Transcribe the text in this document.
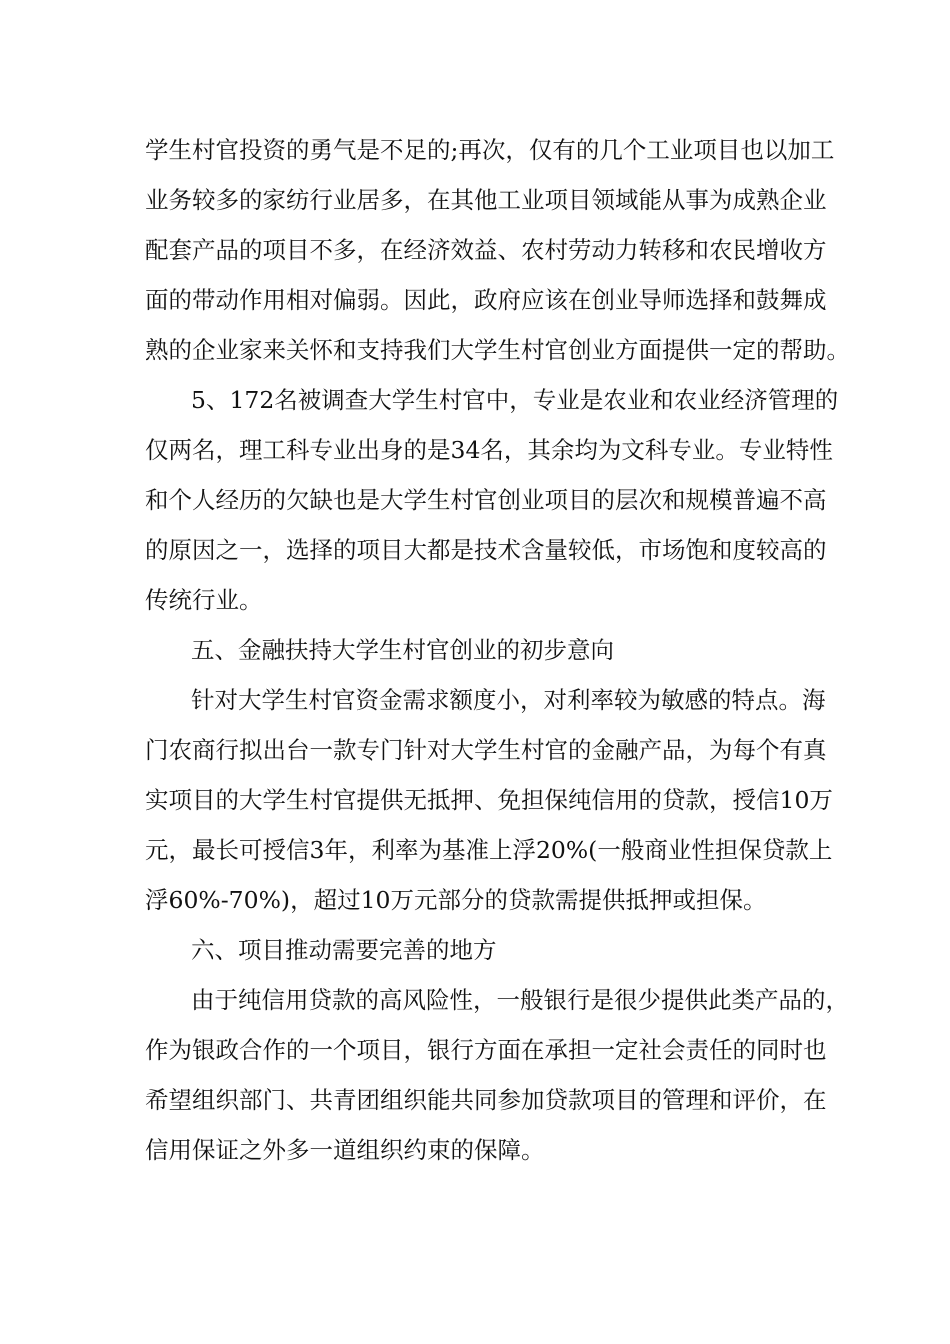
学生村官投资的勇气是不足的;再次，仅有的几个工业项目也以加工
业务较多的家纺行业居多，在其他工业项目领域能从事为成熟企业
配套产品的项目不多，在经济效益、农村劳动力转移和农民增收方
面的带动作用相对偏弱。因此，政府应该在创业导师选择和鼓舞成
熟的企业家来关怀和支持我们大学生村官创业方面提供一定的帮助。
5、172名被调查大学生村官中，专业是农业和农业经济管理的
仅两名，理工科专业出身的是34名，其余均为文科专业。专业特性
和个人经历的欠缺也是大学生村官创业项目的层次和规模普遍不高
的原因之一，选择的项目大都是技术含量较低，市场饱和度较高的
传统行业。
五、金融扶持大学生村官创业的初步意向
针对大学生村官资金需求额度小，对利率较为敏感的特点。海
门农商行拟出台一款专门针对大学生村官的金融产品，为每个有真
实项目的大学生村官提供无抵押、免担保纯信用的贷款，授信10万
元，最长可授信3年，利率为基准上浮20%(一般商业性担保贷款上
浮60%-70%)，超过10万元部分的贷款需提供抵押或担保。
六、项目推动需要完善的地方
由于纯信用贷款的高风险性，一般银行是很少提供此类产品的，
作为银政合作的一个项目，银行方面在承担一定社会责任的同时也
希望组织部门、共青团组织能共同参加贷款项目的管理和评价，在
信用保证之外多一道组织约束的保障。
